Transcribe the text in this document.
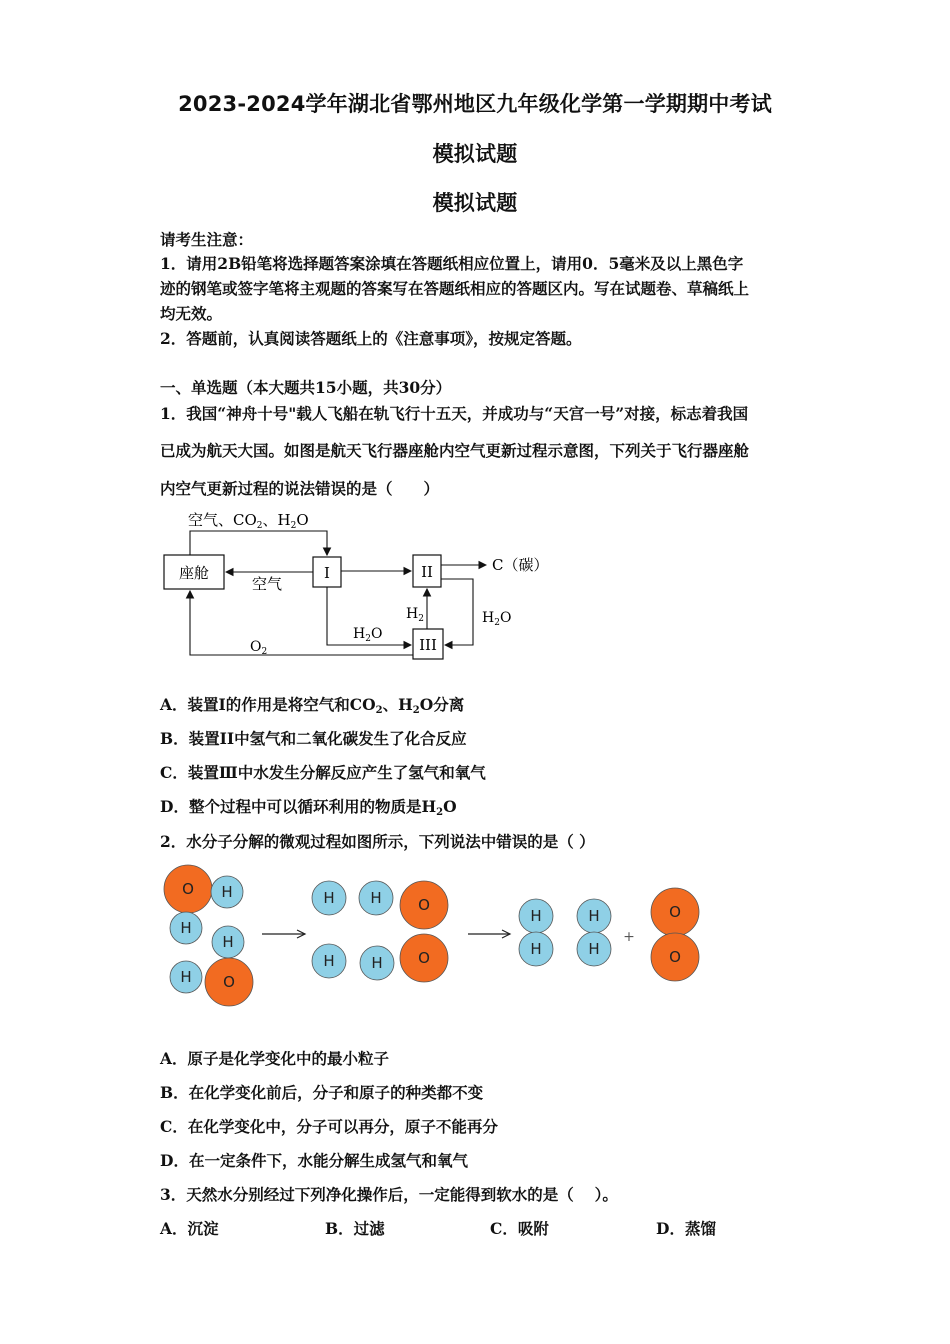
2023-2024学年湖北省鄂州地区九年级化学第一学期期中考试
模拟试题
模拟试题
请考生注意：
1．请用2B铅笔将选择题答案涂填在答题纸相应位置上，请用0．5毫米及以上黑色字
迹的钢笔或签字笔将主观题的答案写在答题纸相应的答题区内。写在试题卷、草稿纸上
均无效。
2．答题前，认真阅读答题纸上的《注意事项》，按规定答题。
一、单选题（本大题共15小题，共30分）
1．我国“神舟十号"载人飞船在轨飞行十五天，并成功与“天宫一号”对接，标志着我国
已成为航天大国。如图是航天飞行器座舱内空气更新过程示意图，下列关于飞行器座舱
内空气更新过程的说法错误的是（　　）
座舱	I	II
III
空气、$CO_2$、$H_2O$
空气
C（碳）
$H_2O$
$H_2$
$H_2O$
$O_2$
A．装置I的作用是将空气和$CO_2$、$H_2O$分离
B．装置II中氢气和二氧化碳发生了化合反应
C．装置Ⅲ中水发生分解反应产生了氢气和氧气
D．整个过程中可以循环利用的物质是$H_2O$
2．水分子分解的微观过程如图所示，下列说法中错误的是（ ）
O H
H
H
H O
H H O
H H O
H
H
H
H
+
O
O
A．原子是化学变化中的最小粒子
B．在化学变化前后，分子和原子的种类都不变
C．在化学变化中，分子可以再分，原子不能再分
D．在一定条件下，水能分解生成氢气和氧气
3．天然水分别经过下列净化操作后，一定能得到软水的是（　 ）。
A．沉淀	B．过滤	C．吸附	D．蒸馏
